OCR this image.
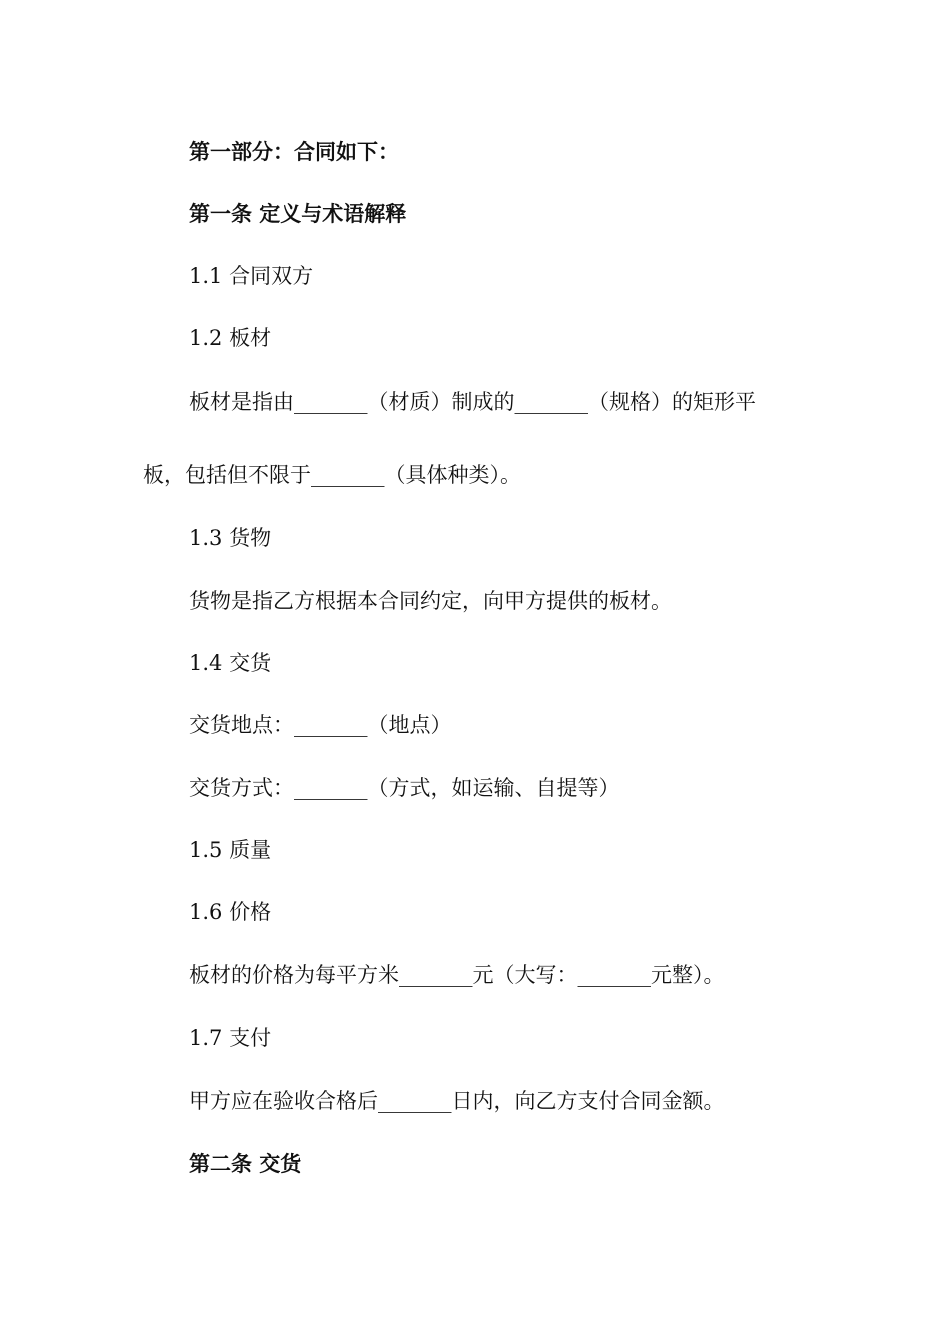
第一部分：合同如下：
第一条 定义与术语解释
1.1 合同双方
1.2 板材
板材是指由_______（材质）制成的_______（规格）的矩形平
板，包括但不限于_______（具体种类）。
1.3 货物
货物是指乙方根据本合同约定，向甲方提供的板材。
1.4 交货
交货地点：_______（地点）
交货方式：_______（方式，如运输、自提等）
1.5 质量
1.6 价格
板材的价格为每平方米_______元（大写：_______元整）。
1.7 支付
甲方应在验收合格后_______日内，向乙方支付合同金额。
第二条 交货
